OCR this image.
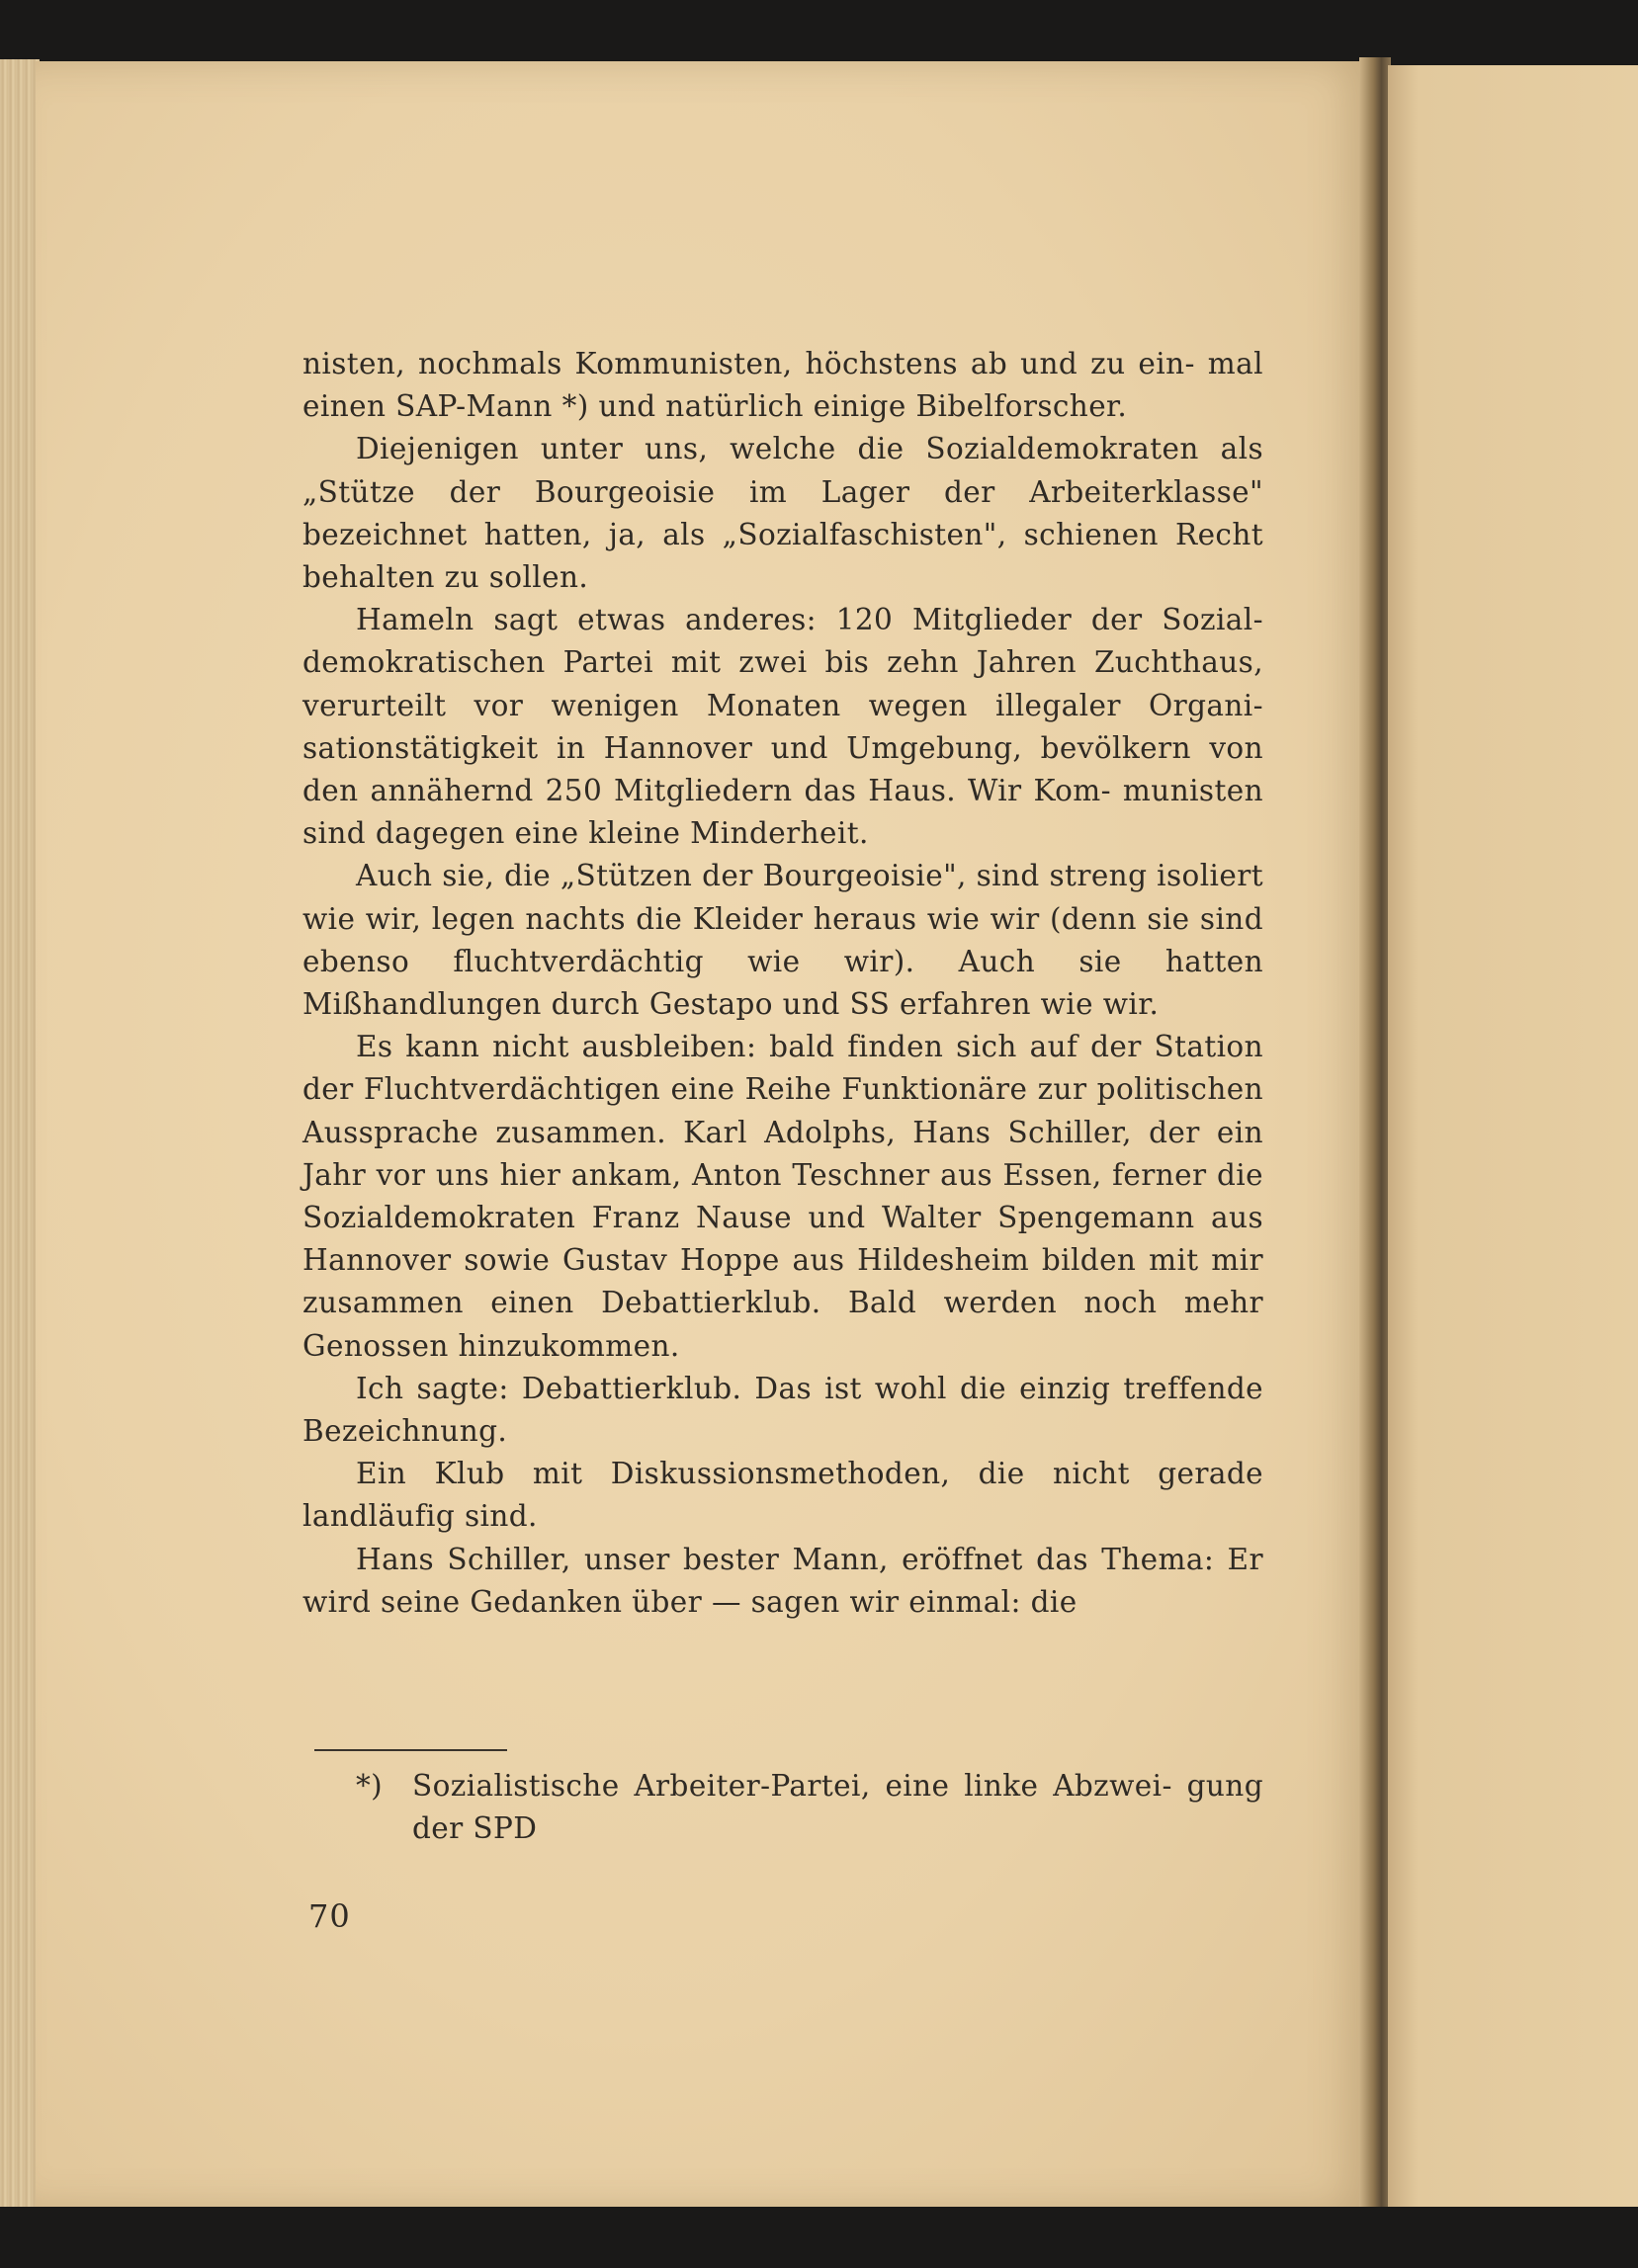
nisten, nochmals Kommunisten, höchstens ab und zu ein- mal einen SAP-Mann *) und natürlich einige Bibelforscher.

Diejenigen unter uns, welche die Sozialdemokraten als „Stütze der Bourgeoisie im Lager der Arbeiterklasse" bezeichnet hatten, ja, als „Sozialfaschisten", schienen Recht behalten zu sollen.

Hameln sagt etwas anderes: 120 Mitglieder der Sozial- demokratischen Partei mit zwei bis zehn Jahren Zuchthaus, verurteilt vor wenigen Monaten wegen illegaler Organi- sationstätigkeit in Hannover und Umgebung, bevölkern von den annähernd 250 Mitgliedern das Haus. Wir Kom- munisten sind dagegen eine kleine Minderheit.

Auch sie, die „Stützen der Bourgeoisie", sind streng isoliert wie wir, legen nachts die Kleider heraus wie wir (denn sie sind ebenso fluchtverdächtig wie wir). Auch sie hatten Mißhandlungen durch Gestapo und SS erfahren wie wir.

Es kann nicht ausbleiben: bald finden sich auf der Station der Fluchtverdächtigen eine Reihe Funktionäre zur politischen Aussprache zusammen. Karl Adolphs, Hans Schiller, der ein Jahr vor uns hier ankam, Anton Teschner aus Essen, ferner die Sozialdemokraten Franz Nause und Walter Spengemann aus Hannover sowie Gustav Hoppe aus Hildesheim bilden mit mir zusammen einen Debattierklub. Bald werden noch mehr Genossen hinzukommen.

Ich sagte: Debattierklub. Das ist wohl die einzig treffende Bezeichnung.

Ein Klub mit Diskussionsmethoden, die nicht gerade landläufig sind.

Hans Schiller, unser bester Mann, eröffnet das Thema: Er wird seine Gedanken über — sagen wir einmal: die

*) Sozialistische Arbeiter-Partei, eine linke Abzwei- gung der SPD
70
